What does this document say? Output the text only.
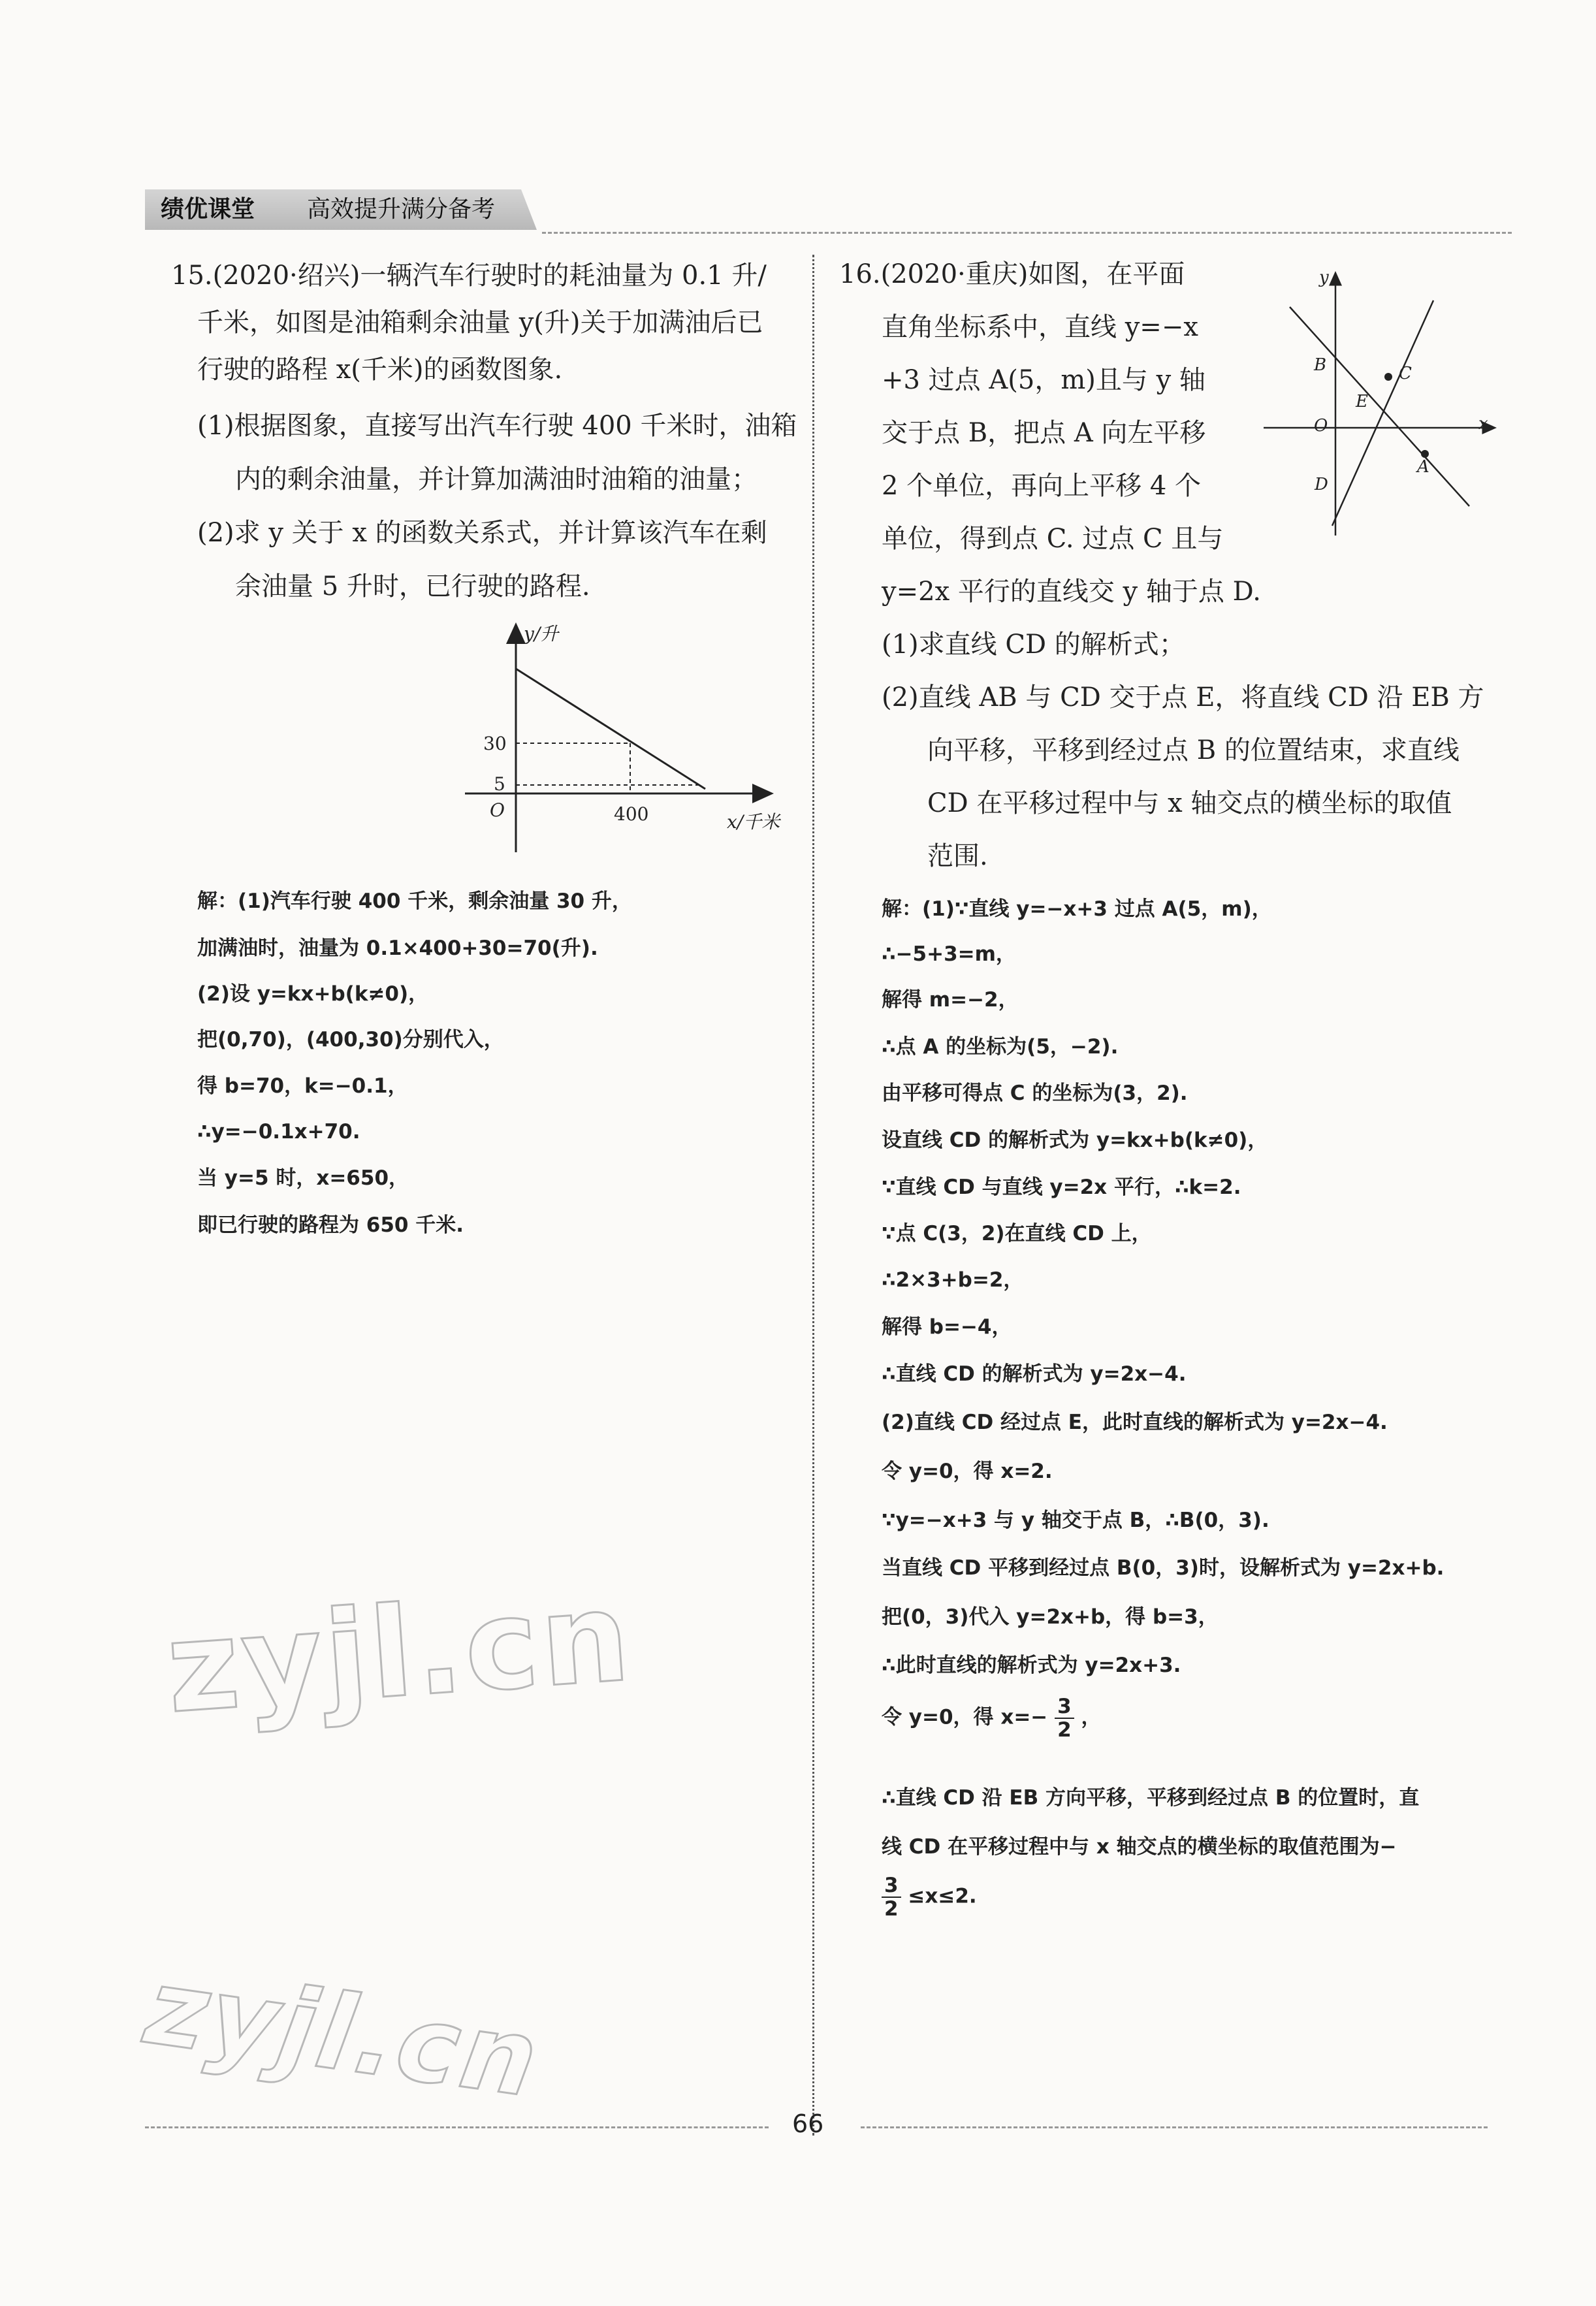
绩优课堂	高效提升满分备考
15.(2020·绍兴)一辆汽车行驶时的耗油量为 0.1 升/
千米，如图是油箱剩余油量 y(升)关于加满油后已
行驶的路程 x(千米)的函数图象.
(1)根据图象，直接写出汽车行驶 400 千米时，油箱
内的剩余油量，并计算加满油时油箱的油量；
(2)求 y 关于 x 的函数关系式，并计算该汽车在剩
余油量 5 升时，已行驶的路程.
y/升
x/千米
O
30
5
400
解：(1)汽车行驶 400 千米，剩余油量 30 升，
加满油时，油量为 0.1×400+30=70(升).
(2)设 y=kx+b(k≠0)，
把(0,70)，(400,30)分别代入，
得 b=70，k=−0.1，
∴y=−0.1x+70.
当 y=5 时，x=650，
即已行驶的路程为 650 千米.
16.(2020·重庆)如图，在平面
直角坐标系中，直线 y=−x
+3 过点 A(5，m)且与 y 轴
交于点 B，把点 A 向左平移
2 个单位，再向上平移 4 个
单位，得到点 C. 过点 C 且与
y=2x 平行的直线交 y 轴于点 D.
(1)求直线 CD 的解析式；
(2)直线 AB 与 CD 交于点 E，将直线 CD 沿 EB 方
向平移，平移到经过点 B 的位置结束，求直线
CD 在平移过程中与 x 轴交点的横坐标的取值
范围.
y
x
O
B	C
E
A
D
解：(1)∵直线 y=−x+3 过点 A(5，m)，
∴−5+3=m，
解得 m=−2，
∴点 A 的坐标为(5，−2).
由平移可得点 C 的坐标为(3，2).
设直线 CD 的解析式为 y=kx+b(k≠0)，
∵直线 CD 与直线 y=2x 平行，∴k=2.
∵点 C(3，2)在直线 CD 上，
∴2×3+b=2，
解得 b=−4，
∴直线 CD 的解析式为 y=2x−4.
(2)直线 CD 经过点 E，此时直线的解析式为 y=2x−4.
令 y=0，得 x=2.
∵y=−x+3 与 y 轴交于点 B，∴B(0，3).
当直线 CD 平移到经过点 B(0，3)时，设解析式为 y=2x+b.
把(0，3)代入 y=2x+b，得 b=3，
∴此时直线的解析式为 y=2x+3.
令 y=0，得 $x=- \frac{3}{2}$ ，
∴直线 CD 沿 EB 方向平移，平移到经过点 B 的位置时，直
线 CD 在平移过程中与 x 轴交点的横坐标的取值范围为−
$\frac{3}{2} \le x\le 2$.
zyjl.cn
zyjl.cn
66
